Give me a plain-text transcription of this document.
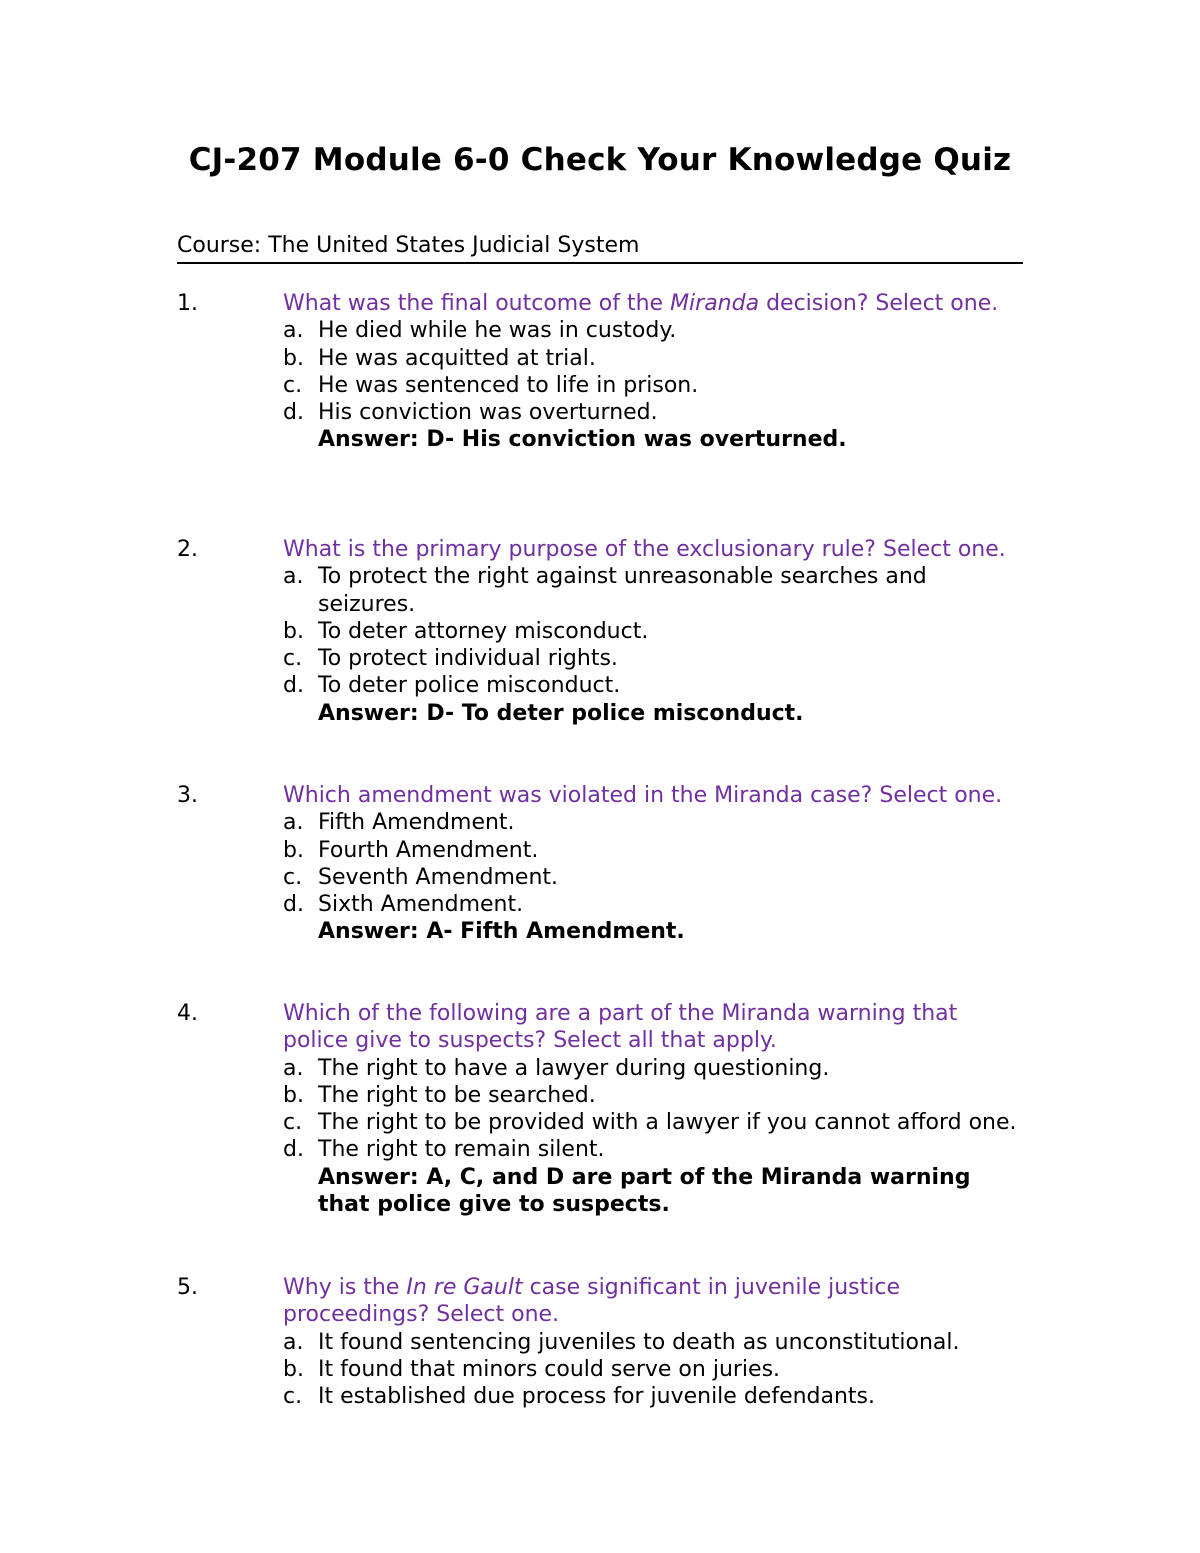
CJ-207 Module 6-0 Check Your Knowledge Quiz
Course: The United States Judicial System
1.	What was the final outcome of the Miranda decision? Select one.
a. He died while he was in custody.
b. He was acquitted at trial.
c. He was sentenced to life in prison.
d. His conviction was overturned.
Answer: D- His conviction was overturned.
2.	What is the primary purpose of the exclusionary rule? Select one.
a. To protect the right against unreasonable searches and seizures.
b. To deter attorney misconduct.
c. To protect individual rights.
d. To deter police misconduct.
Answer: D- To deter police misconduct.
3.	Which amendment was violated in the Miranda case? Select one.
a. Fifth Amendment.
b. Fourth Amendment.
c. Seventh Amendment.
d. Sixth Amendment.
Answer: A- Fifth Amendment.
4.	Which of the following are a part of the Miranda warning that police give to suspects? Select all that apply.
a. The right to have a lawyer during questioning.
b. The right to be searched.
c. The right to be provided with a lawyer if you cannot afford one.
d. The right to remain silent.
Answer: A, C, and D are part of the Miranda warning that police give to suspects.
5.	Why is the In re Gault case significant in juvenile justice proceedings? Select one.
a. It found sentencing juveniles to death as unconstitutional.
b. It found that minors could serve on juries.
c. It established due process for juvenile defendants.
